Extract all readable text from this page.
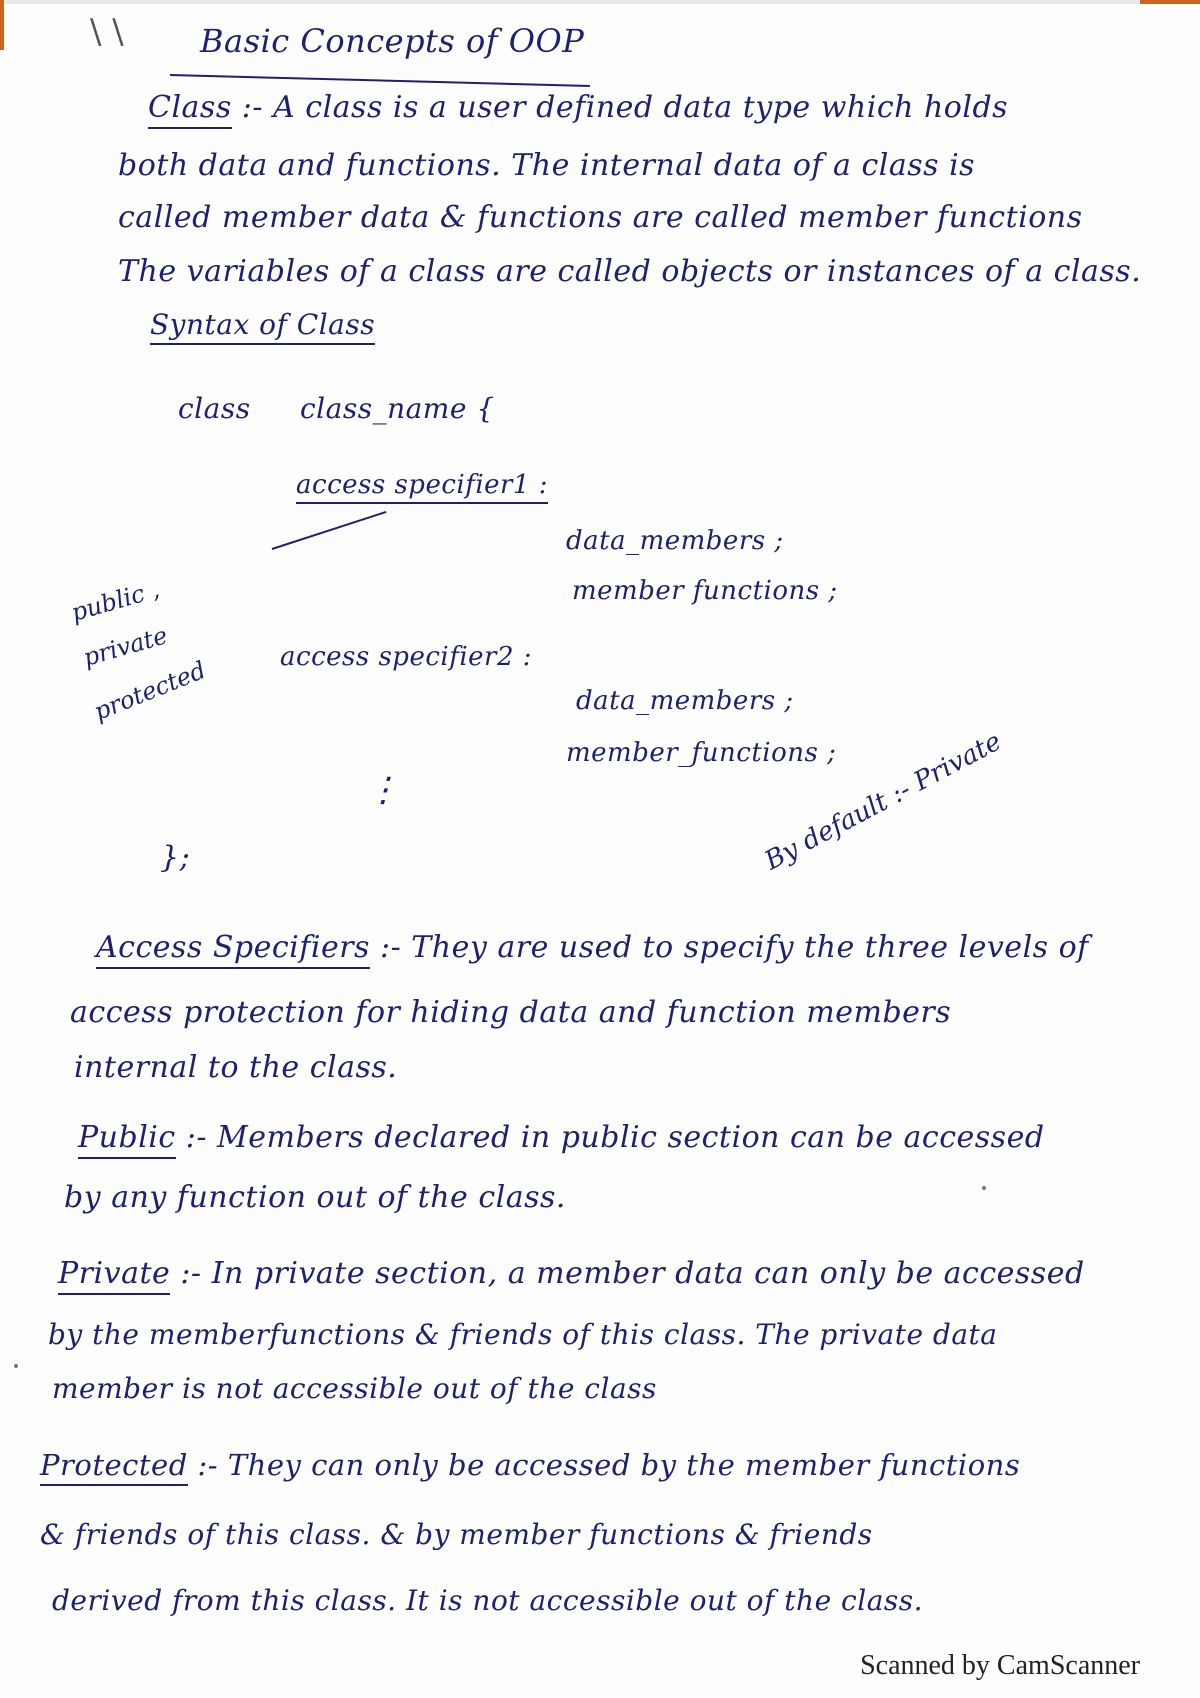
\ \ Basic Concepts of OOP
Class :- A class is a user defined data type which holds
both data and functions. The internal data of a class is
called member data & functions are called member functions
The variables of a class are called objects or instances of a class.
Syntax of Class
class class_name {
access specifier1 :
data_members ;
member functions ;
access specifier2 :
data_members ;
member_functions ;
⋮
};
public ,
private
protected
By default :- Private
Access Specifiers :- They are used to specify the three levels of
access protection for hiding data and function members
internal to the class.
Public :- Members declared in public section can be accessed
by any function out of the class.
Private :- In private section, a member data can only be accessed
by the memberfunctions & friends of this class. The private data
member is not accessible out of the class
Protected :- They can only be accessed by the member functions
& friends of this class. & by member functions & friends
derived from this class. It is not accessible out of the class.
Scanned by CamScanner
